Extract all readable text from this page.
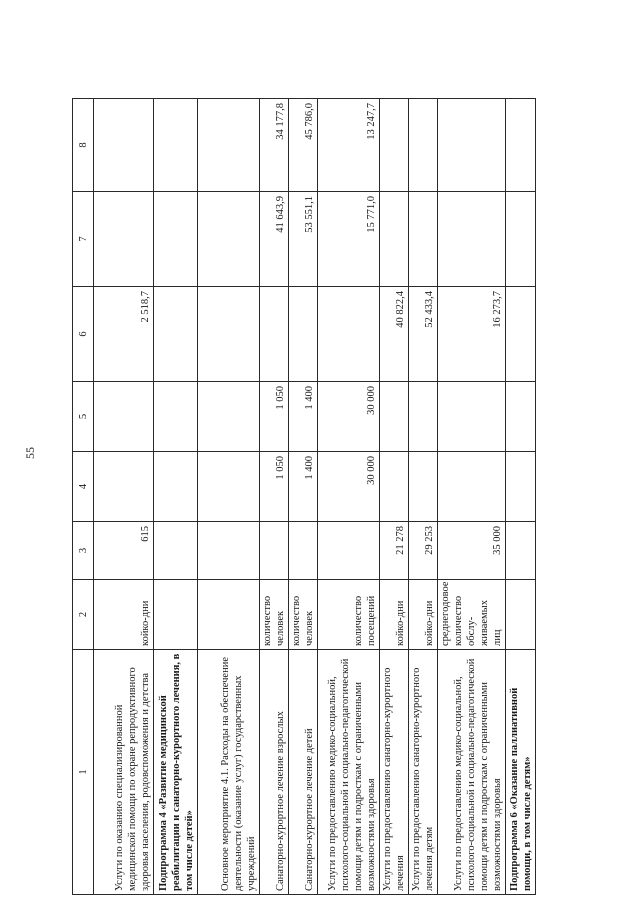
55
1	2	3	4	5	6	7	8
Услуги по оказанию специализированной медицинской помощи по охране репродуктивного здоровья населения, родовспоможения и детства	койко-дни	615			2 518,7		
Подпрограмма 4 «Развитие медицинской реабилитации и санаторно-курортного лечения, в том числе детей»							
Основное мероприятие 4.1. Расходы на обеспечение деятельности (оказание услуг) государственных учреждений							
Санаторно-курортное лечение взрослых	количество человек		1 050	1 050		41 643,9	34 177,8
Санаторно-курортное лечение детей	количество человек		1 400	1 400		53 551,1	45 786,0
Услуги по предоставлению медико-социальной, психолого-социальной и социально-педагогической помощи детям и подросткам с ограниченными возможностями здоровья	количество посещений		30 000	30 000		15 771,0	13 247,7
Услуги по предоставлению санаторно-курортного лечения	койко-дни	21 278			40 822,4		
Услуги по предоставлению санаторно-курортного лечения детям	койко-дни	29 253			52 433,4		
Услуги по предоставлению медико-социальной, психолого-социальной и социально-педагогической помощи детям и подросткам с ограниченными возможностями здоровья	среднегодовое количество обслу-живаемых лиц	35 000			16 273,7		
Подпрограмма 6 «Оказание паллиативной помощи, в том числе детям»							
